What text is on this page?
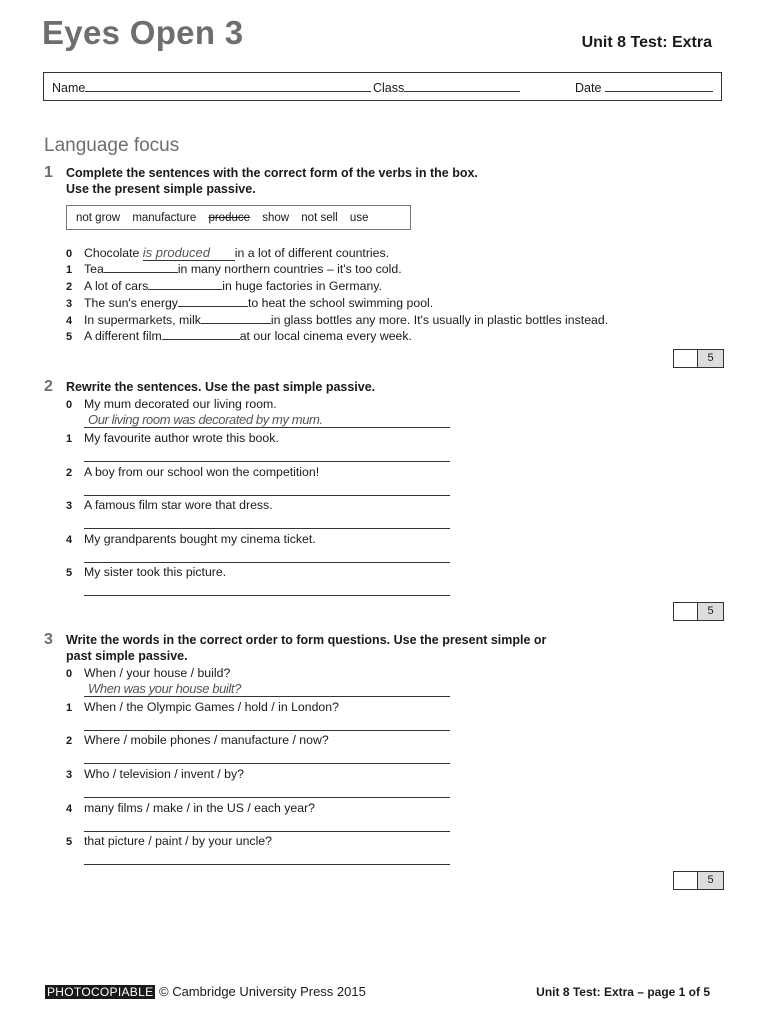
Eyes Open 3	Unit 8 Test: Extra
Name	Class	Date
Language focus
1 Complete the sentences with the correct form of the verbs in the box.
Use the present simple passive.
not grow manufacture produce show not sell use
0 Chocolate is produced in a lot of different countries.
1 Tea	in many northern countries – it's too cold.
2 A lot of cars	in huge factories in Germany.
3 The sun's energy	to heat the school swimming pool.
4 In supermarkets, milk	in glass bottles any more. It's usually in plastic bottles instead.
5 A different film	at our local cinema every week.
5
2 Rewrite the sentences. Use the past simple passive.
0 My mum decorated our living room.
Our living room was decorated by my mum.
1 My favourite author wrote this book.
2 A boy from our school won the competition!
3 A famous film star wore that dress.
4 My grandparents bought my cinema ticket.
5 My sister took this picture.
5
3 Write the words in the correct order to form questions. Use the present simple or
past simple passive.
0 When / your house / build?
When was your house built?
1 When / the Olympic Games / hold / in London?
2 Where / mobile phones / manufacture / now?
3 Who / television / invent / by?
4 many films / make / in the US / each year?
5 that picture / paint / by your uncle?
5
PHOTOCOPIABLE © Cambridge University Press 2015	Unit 8 Test: Extra – page 1 of 5
